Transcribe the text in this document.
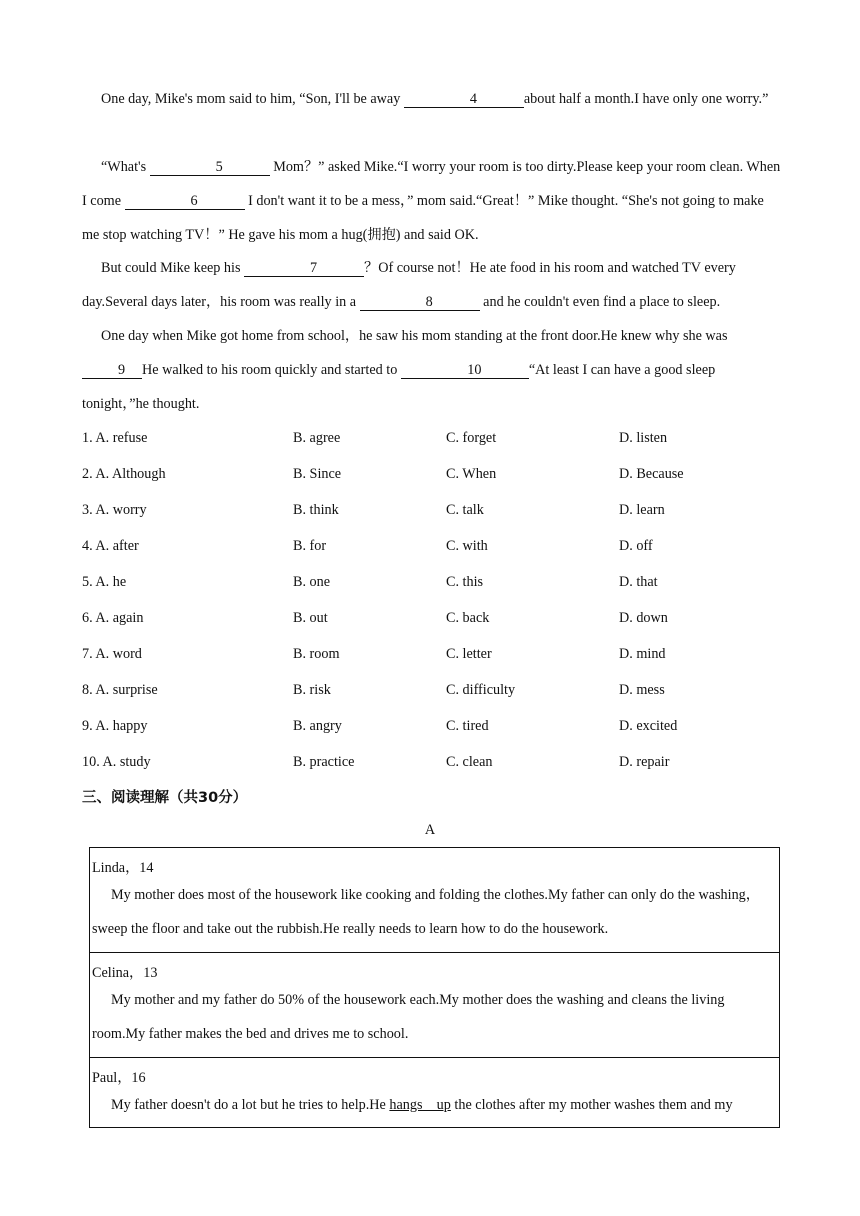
One day, Mike's mom said to him, “Son, I'll be away	4	about half a month.I have only one worry.”

“What's	5	Mom？” asked Mike.“I worry your room is too dirty.Please keep your room clean. When I come	6	I don't want it to be a mess，” mom said.“Great！” Mike thought. “She's not going to make me stop watching TV！” He gave his mom a hug(拥抱) and said OK.

But could Mike keep his	7	？Of course not！He ate food in his room and watched TV every day.Several days later，his room was really in a	8	and he couldn't even find a place to sleep.

One day when Mike got home from school，he saw his mom standing at the front door.He knew why she was 9 He walked to his room quickly and started to	10	“At least I can have a good sleep tonight，”he thought.

1. A. refuse	B. agree	C. forget	D. listen
2. A. Although	B. Since	C. When	D. Because
3. A. worry	B. think	C. talk	D. learn
4. A. after	B. for	C. with	D. off
5. A. he	B. one	C. this	D. that
6. A. again	B. out	C. back	D. down
7. A. word	B. room	C. letter	D. mind
8. A. surprise	B. risk	C. difficulty	D. mess
9. A. happy	B. angry	C. tired	D. excited
10. A. study	B. practice	C. clean	D. repair
三、阅读理解（共30分）
A
Linda，14
My mother does most of the housework like cooking and folding the clothes.My father can only do the washing，sweep the floor and take out the rubbish.He really needs to learn how to do the housework.

Celina，13
My mother and my father do 50% of the housework each.My mother does the washing and cleans the living room.My father makes the bed and drives me to school.

Paul，16
My father doesn't do a lot but he tries to help.He hangs    up the clothes after my mother washes them and my
